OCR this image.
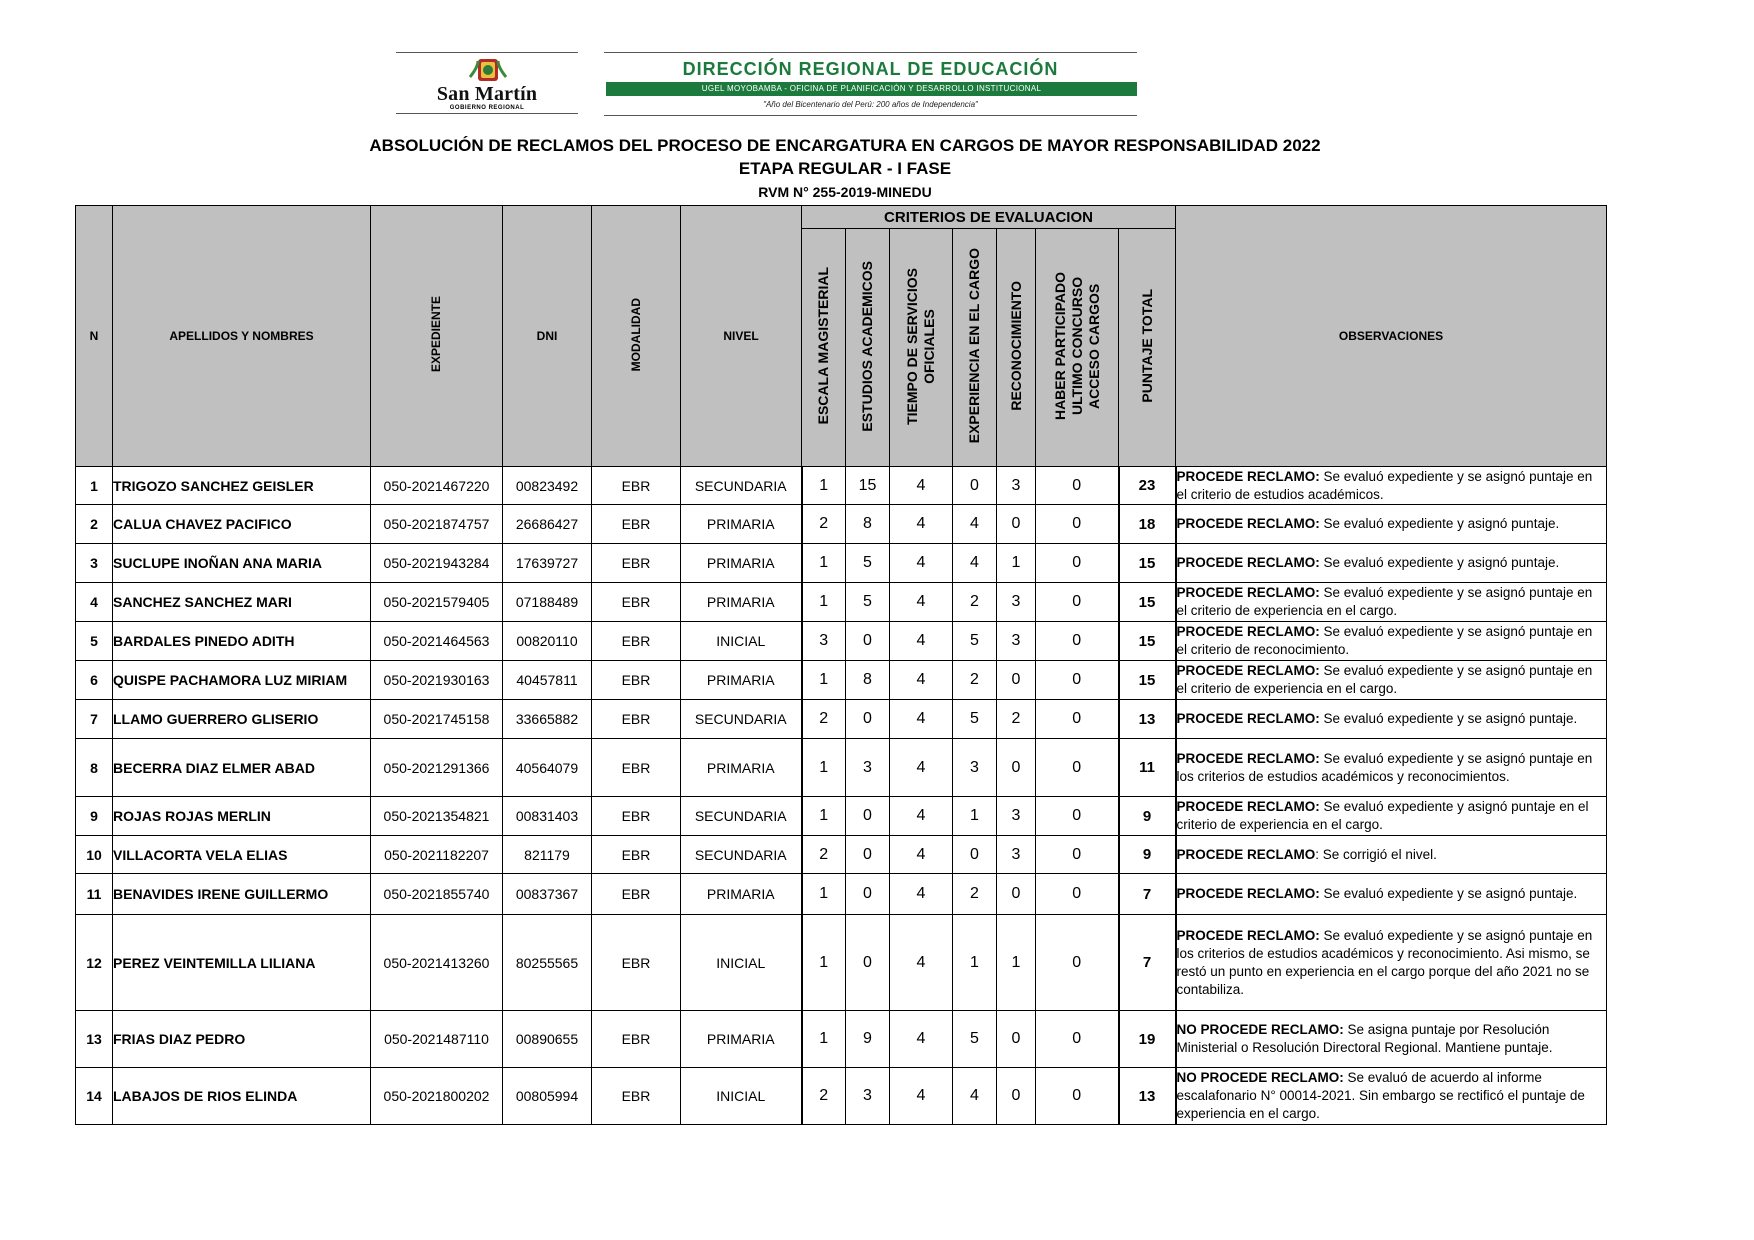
San Martín
GOBIERNO REGIONAL
DIRECCIÓN REGIONAL DE EDUCACIÓN
UGEL MOYOBAMBA - OFICINA DE PLANIFICACIÓN Y DESARROLLO INSTITUCIONAL
"Año del Bicentenario del Perú: 200 años de Independencia"
ABSOLUCIÓN DE RECLAMOS DEL PROCESO DE ENCARGATURA EN CARGOS DE MAYOR RESPONSABILIDAD 2022
ETAPA REGULAR - I FASE
RVM N° 255-2019-MINEDU
N	APELLIDOS Y NOMBRES	EXPEDIENTE	DNI	MODALIDAD	NIVEL	CRITERIOS DE EVALUACION							OBSERVACIONES
						ESCALA MAGISTERIAL	ESTUDIOS ACADEMICOS	TIEMPO DE SERVICIOS
OFICIALES	EXPERIENCIA EN EL CARGO	RECONOCIMIENTO	HABER PARTICIPADO
ULTIMO CONCURSO
ACCESO CARGOS	PUNTAJE TOTAL	
1	TRIGOZO SANCHEZ GEISLER	050-2021467220	00823492	EBR	SECUNDARIA	1	15	4	0	3	0	23	PROCEDE RECLAMO: Se evaluó expediente y se asignó puntaje en el criterio de estudios académicos.
2	CALUA CHAVEZ PACIFICO	050-2021874757	26686427	EBR	PRIMARIA	2	8	4	4	0	0	18	PROCEDE RECLAMO: Se evaluó expediente y asignó puntaje.
3	SUCLUPE INOÑAN ANA MARIA	050-2021943284	17639727	EBR	PRIMARIA	1	5	4	4	1	0	15	PROCEDE RECLAMO: Se evaluó expediente y asignó puntaje.
4	SANCHEZ SANCHEZ MARI	050-2021579405	07188489	EBR	PRIMARIA	1	5	4	2	3	0	15	PROCEDE RECLAMO: Se evaluó expediente y se asignó puntaje en el criterio de experiencia en el cargo.
5	BARDALES PINEDO ADITH	050-2021464563	00820110	EBR	INICIAL	3	0	4	5	3	0	15	PROCEDE RECLAMO: Se evaluó expediente y se asignó puntaje en el criterio de reconocimiento.
6	QUISPE PACHAMORA LUZ MIRIAM	050-2021930163	40457811	EBR	PRIMARIA	1	8	4	2	0	0	15	PROCEDE RECLAMO: Se evaluó expediente y se asignó puntaje en el criterio de experiencia en el cargo.
7	LLAMO GUERRERO GLISERIO	050-2021745158	33665882	EBR	SECUNDARIA	2	0	4	5	2	0	13	PROCEDE RECLAMO: Se evaluó expediente y se asignó puntaje.
8	BECERRA DIAZ ELMER ABAD	050-2021291366	40564079	EBR	PRIMARIA	1	3	4	3	0	0	11	PROCEDE RECLAMO: Se evaluó expediente y se asignó puntaje en los criterios de estudios académicos y reconocimientos.
9	ROJAS ROJAS MERLIN	050-2021354821	00831403	EBR	SECUNDARIA	1	0	4	1	3	0	9	PROCEDE RECLAMO: Se evaluó expediente y asignó puntaje en el criterio de experiencia en el cargo.
10	VILLACORTA VELA ELIAS	050-2021182207	821179	EBR	SECUNDARIA	2	0	4	0	3	0	9	PROCEDE RECLAMO: Se corrigió el nivel.
11	BENAVIDES IRENE GUILLERMO	050-2021855740	00837367	EBR	PRIMARIA	1	0	4	2	0	0	7	PROCEDE RECLAMO: Se evaluó expediente y se asignó puntaje.
12	PEREZ VEINTEMILLA LILIANA	050-2021413260	80255565	EBR	INICIAL	1	0	4	1	1	0	7	PROCEDE RECLAMO: Se evaluó expediente y se asignó puntaje en los criterios de estudios académicos y reconocimiento. Asi mismo, se restó un punto en experiencia en el cargo porque del año 2021 no se contabiliza.
13	FRIAS DIAZ PEDRO	050-2021487110	00890655	EBR	PRIMARIA	1	9	4	5	0	0	19	NO PROCEDE RECLAMO: Se asigna puntaje por Resolución Ministerial o Resolución Directoral Regional. Mantiene puntaje.
14	LABAJOS DE RIOS ELINDA	050-2021800202	00805994	EBR	INICIAL	2	3	4	4	0	0	13	NO PROCEDE RECLAMO: Se evaluó de acuerdo al informe escalafonario N° 00014-2021. Sin embargo se rectificó el puntaje de experiencia en el cargo.
